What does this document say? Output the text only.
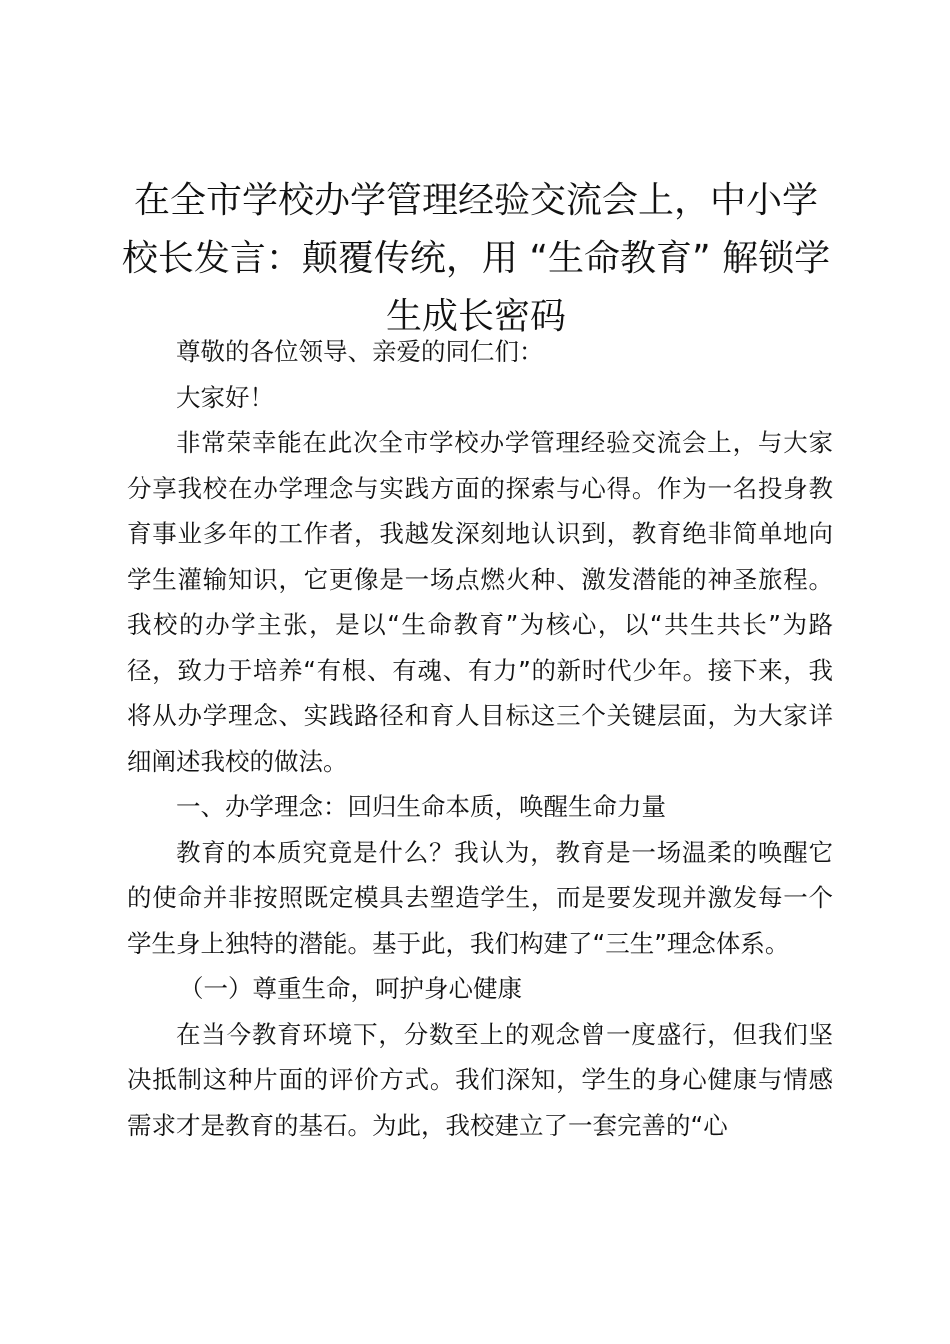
在全市学校办学管理经验交流会上，中小学校长发言：颠覆传统，用 “生命教育” 解锁学生成长密码

尊敬的各位领导、亲爱的同仁们：

大家好！

非常荣幸能在此次全市学校办学管理经验交流会上，与大家分享我校在办学理念与实践方面的探索与心得。作为一名投身教育事业多年的工作者，我越发深刻地认识到，教育绝非简单地向学生灌输知识，它更像是一场点燃火种、激发潜能的神圣旅程。我校的办学主张，是以“生命教育”为核心，以“共生共长”为路径，致力于培养“有根、有魂、有力”的新时代少年。接下来，我将从办学理念、实践路径和育人目标这三个关键层面，为大家详细阐述我校的做法。

一、办学理念：回归生命本质，唤醒生命力量

教育的本质究竟是什么？我认为，教育是一场温柔的唤醒它的使命并非按照既定模具去塑造学生，而是要发现并激发每一个学生身上独特的潜能。基于此，我们构建了“三生”理念体系。

（一）尊重生命，呵护身心健康

在当今教育环境下，分数至上的观念曾一度盛行，但我们坚决抵制这种片面的评价方式。我们深知，学生的身心健康与情感需求才是教育的基石。为此，我校建立了一套完善的“心
